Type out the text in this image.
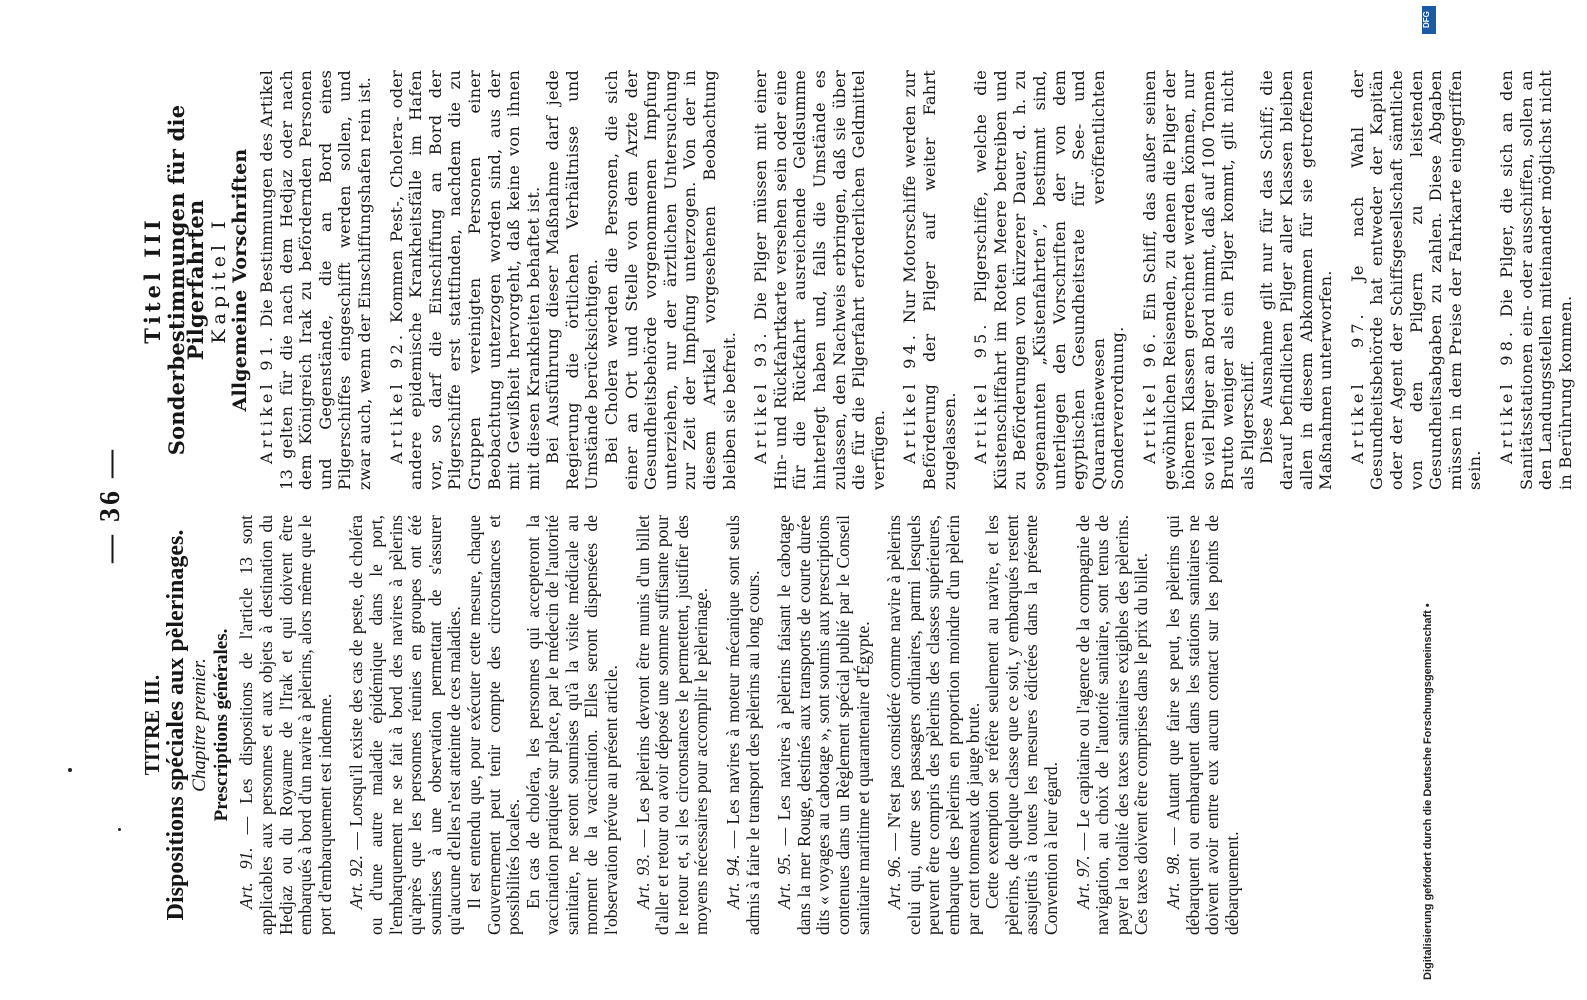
— 36 —
TITRE III.
Dispositions spéciales aux pèlerinages. Chapitre premier. Prescriptions générales.

Art. 91. — Les dispositions de l'article 13 sont applicables aux personnes et aux objets à destination du Hedjaz ou du Royaume de l'Irak et qui doivent être embarqués à bord d'un navire à pèlerins, alors même que le port d'embarquement est indemne. Art. 92. — Lorsqu'il existe des cas de peste, de choléra ou d'une autre maladie épidémique dans le port, l'embarquement ne se fait à bord des navires à pèlerins qu'après que les personnes réunies en groupes ont été soumises à une observation permettant de s'assurer qu'aucune d'elles n'est atteinte de ces maladies. Il est entendu que, pour exécuter cette mesure, chaque Gouvernement peut tenir compte des circonstances et possibilités locales. En cas de choléra, les personnes qui accepteront la vaccination pratiquée sur place, par le médecin de l'autorité sanitaire, ne seront soumises qu'à la visite médicale au moment de la vaccination. Elles seront dispensées de l'observation prévue au présent article. Art. 93. — Les pèlerins devront être munis d'un billet d'aller et retour ou avoir déposé une somme suffisante pour le retour et, si les circonstances le permettent, justifier des moyens nécessaires pour accomplir le pèlerinage. Art. 94. — Les navires à moteur mécanique sont seuls admis à faire le transport des pèlerins au long cours. Art. 95. — Les navires à pèlerins faisant le cabotage dans la mer Rouge, destinés aux transports de courte durée dits « voyages au cabotage », sont soumis aux prescriptions contenues dans un Règlement spécial publié par le Conseil sanitaire maritime et quarantenaire d'Égypte. Art. 96. — N'est pas considéré comme navire à pèlerins celui qui, outre ses passagers ordinaires, parmi lesquels peuvent être compris des pèlerins des classes supérieures, embarque des pèlerins en proportion moindre d'un pèlerin par cent tonneaux de jauge brute. Cette exemption se réfère seulement au navire, et les pèlerins, de quelque classe que ce soit, y embarqués restent assujettis à toutes les mesures édictées dans la présente Convention à leur égard. Art. 97. — Le capitaine ou l'agence de la compagnie de navigation, au choix de l'autorité sanitaire, sont tenus de payer la totalité des taxes sanitaires exigibles des pèlerins. Ces taxes doivent être comprises dans le prix du billet. Art. 98. — Autant que faire se peut, les pèlerins qui débarquent ou embarquent dans les stations sanitaires ne doivent avoir entre eux aucun contact sur les points de débarquement.

Titel III
Sonderbestimmungen für die Pilgerfahrten Kapitel I Allgemeine Vorschriften Artikel 91. Die Bestimmungen des Artikel 13 gelten für die nach dem Hedjaz oder nach dem Königreich Irak zu befördernden Personen und Gegenstände, die an Bord eines Pilgerschiffes eingeschifft werden sollen, und zwar auch, wenn der Einschiffungshafen rein ist. Artikel 92. Kommen Pest-, Cholera- oder andere epidemische Krankheitsfälle im Hafen vor, so darf die Einschiffung an Bord der Pilgerschiffe erst stattfinden, nachdem die zu Gruppen vereinigten Personen einer Beobachtung unterzogen worden sind, aus der mit Gewißheit hervorgeht, daß keine von ihnen mit diesen Krankheiten behaftet ist. Bei Ausführung dieser Maßnahme darf jede Regierung die örtlichen Verhältnisse und Umstände berücksichtigen. Bei Cholera werden die Personen, die sich einer an Ort und Stelle von dem Arzte der Gesundheitsbehörde vorgenommenen Impfung unterziehen, nur der ärztlichen Untersuchung zur Zeit der Impfung unterzogen. Von der in diesem Artikel vorgesehenen Beobachtung bleiben sie befreit. Artikel 93. Die Pilger müssen mit einer Hin- und Rückfahrtkarte versehen sein oder eine für die Rückfahrt ausreichende Geldsumme hinterlegt haben und, falls die Umstände es zulassen, den Nachweis erbringen, daß sie über die für die Pilgerfahrt erforderlichen Geldmittel verfügen. Artikel 94. Nur Motorschiffe werden zur Beförderung der Pilger auf weiter Fahrt zugelassen. Artikel 95. Pilgerschiffe, welche die Küstenschiffahrt im Roten Meere betreiben und zu Beförderungen von kürzerer Dauer, d. h. zu sogenannten „Küstenfahrten“, bestimmt sind, unterliegen den Vorschriften der von dem egyptischen Gesundheitsrate für See- und Quarantänewesen veröffentlichten Sonderverordnung. Artikel 96. Ein Schiff, das außer seinen gewöhnlichen Reisenden, zu denen die Pilger der höheren Klassen gerechnet werden können, nur so viel Pilger an Bord nimmt, daß auf 100 Tonnen Brutto weniger als ein Pilger kommt, gilt nicht als Pilgerschiff. Diese Ausnahme gilt nur für das Schiff; die darauf befindlichen Pilger aller Klassen bleiben allen in diesem Abkommen für sie getroffenen Maßnahmen unterworfen. Artikel 97. Je nach Wahl der Gesundheitsbehörde hat entweder der Kapitän oder der Agent der Schiffsgesellschaft sämtliche von den Pilgern zu leistenden Gesundheitsabgaben zu zahlen. Diese Abgaben müssen in dem Preise der Fahrkarte eingegriffen sein.

Artikel 98. Die Pilger, die sich an den Sanitätsstationen ein- oder ausschiffen, sollen an den Landungsstellen miteinander möglichst nicht in Berührung kommen.

Digitalisierung gefördert durch die Deutsche Forschungsgemeinschaft •
DFG
